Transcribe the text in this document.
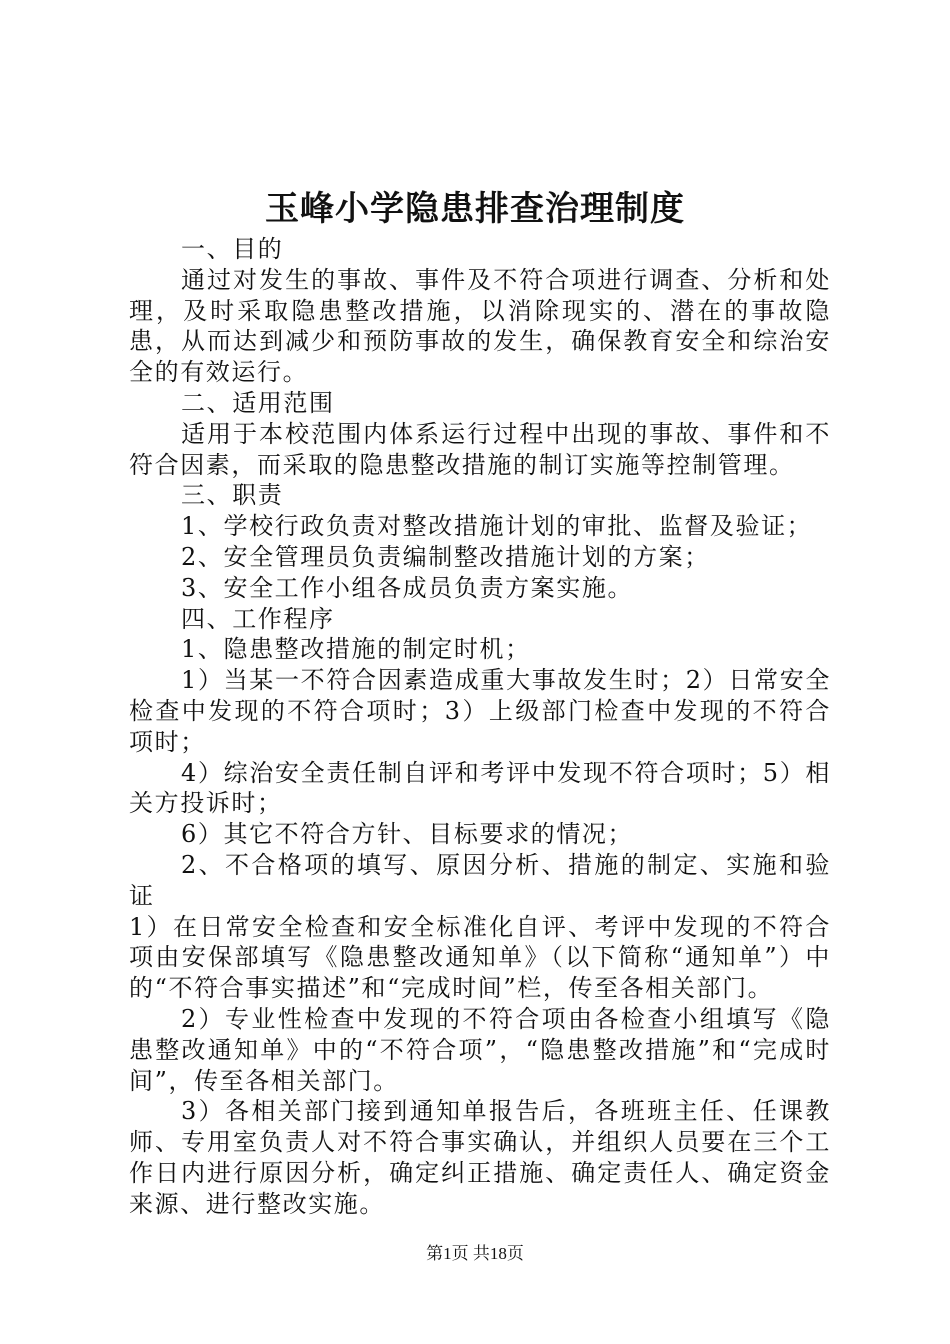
玉峰小学隐患排查治理制度

一、目的

通过对发生的事故、事件及不符合项进行调查、分析和处理，及时采取隐患整改措施，以消除现实的、潜在的事故隐患，从而达到减少和预防事故的发生，确保教育安全和综治安全的有效运行。

二、适用范围

适用于本校范围内体系运行过程中出现的事故、事件和不符合因素，而采取的隐患整改措施的制订实施等控制管理。

三、职责

1、学校行政负责对整改措施计划的审批、监督及验证；

2、安全管理员负责编制整改措施计划的方案；

3、安全工作小组各成员负责方案实施。

四、工作程序

1、隐患整改措施的制定时机；

1）当某一不符合因素造成重大事故发生时；2）日常安全检查中发现的不符合项时；3）上级部门检查中发现的不符合项时；

4）综治安全责任制自评和考评中发现不符合项时；5）相关方投诉时；

6）其它不符合方针、目标要求的情况；

2、不合格项的填写、原因分析、措施的制定、实施和验证

1）在日常安全检查和安全标准化自评、考评中发现的不符合项由安保部填写《隐患整改通知单》（以下简称“通知单”）中的“不符合事实描述”和“完成时间”栏，传至各相关部门。

2）专业性检查中发现的不符合项由各检查小组填写《隐患整改通知单》中的“不符合项”，“隐患整改措施”和“完成时间”，传至各相关部门。

3）各相关部门接到通知单报告后，各班班主任、任课教师、专用室负责人对不符合事实确认，并组织人员要在三个工作日内进行原因分析，确定纠正措施、确定责任人、确定资金来源、进行整改实施。

第1页 共18页
